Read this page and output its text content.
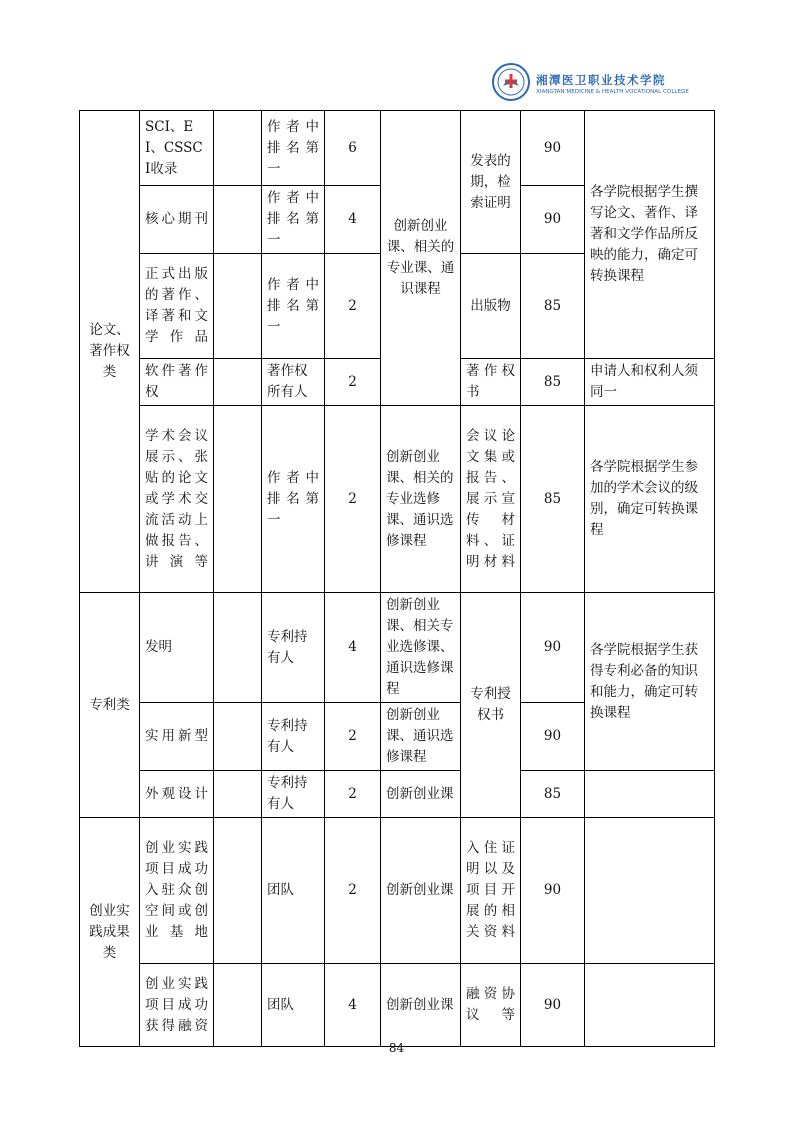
湘潭医卫职业技术学院
XIANGTAN MEDICINE & HEALTH VOCATIONAL COLLEGE
论文、著作权类	SCI、EI、CSSCI收录		作者中排名第一	6	创新创业课、相关的专业课、通识课程	发表的期，检索证明	90	各学院根据学生撰写论文、著作、译著和文学作品所反映的能力，确定可转换课程
	核心期刊		作者中排名第一	4			90	
	正式出版的著作、译著和文学作品		作者中排名第一	2		出版物	85	
	软件著作权		著作权所有人	2		著作权书	85	申请人和权利人须同一
	学术会议展示、张贴的论文或学术交流活动上做报告、讲演等		作者中排名第一	2	创新创业课、相关的专业选修课、通识选修课程	会议论文集或报告、展示宣传材料、证明材料	85	各学院根据学生参加的学术会议的级别，确定可转换课程
专利类	发明		专利持有人	4	创新创业课、相关专业选修课、通识选修课程	专利授权书	90	各学院根据学生获得专利必备的知识和能力，确定可转换课程
	实用新型		专利持有人	2	创新创业课、通识选修课程		90	
	外观设计		专利持有人	2	创新创业课		85	
创业实践成果类	创业实践项目成功入驻众创空间或创业基地		团队	2	创新创业课	入住证明以及项目开展的相关资料	90	
	创业实践项目成功获得融资		团队	4	创新创业课	融资协议等	90	
84
